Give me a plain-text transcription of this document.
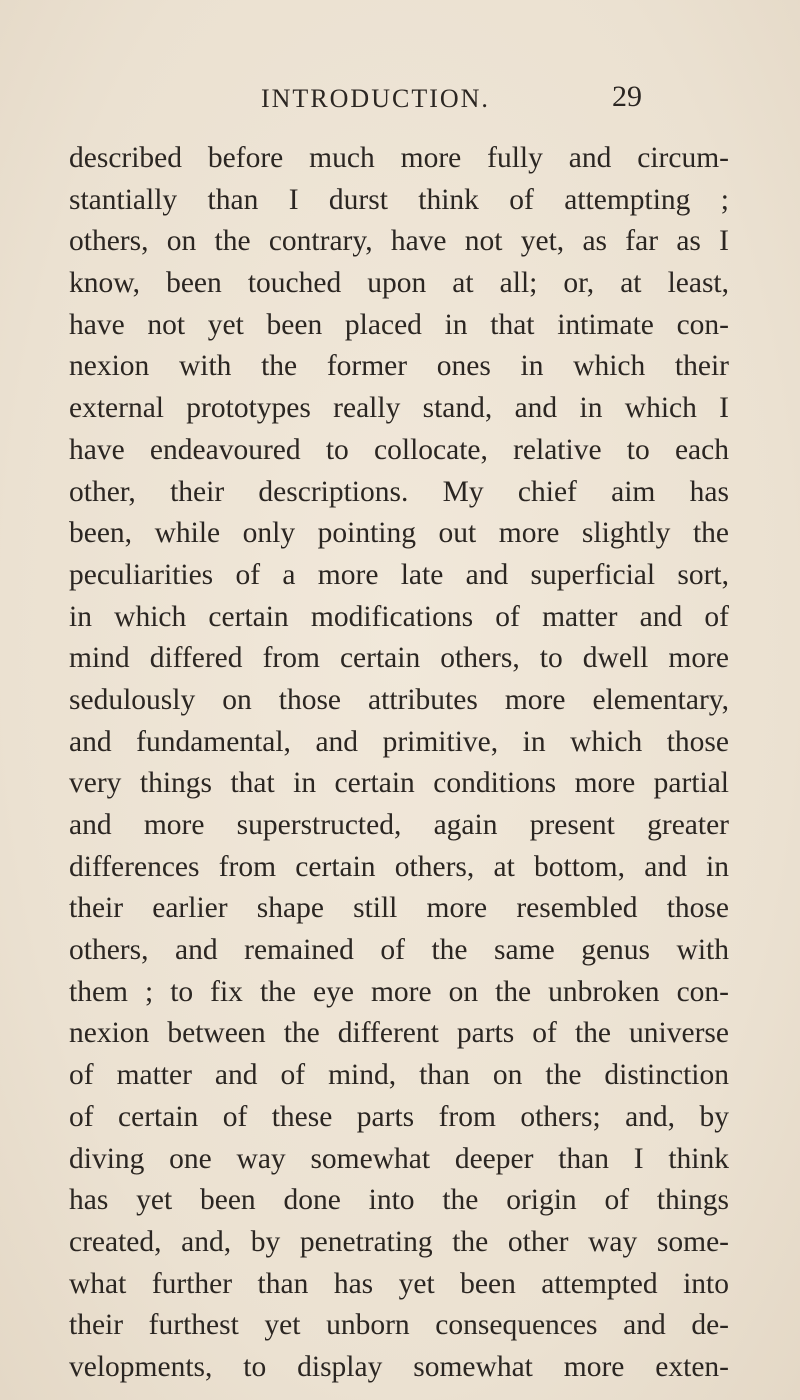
INTRODUCTION.	29
described before much more fully and circum-
stantially than I durst think of attempting ;
others, on the contrary, have not yet, as far as I
know, been touched upon at all; or, at least,
have not yet been placed in that intimate con-
nexion with the former ones in which their
external prototypes really stand, and in which I
have endeavoured to collocate, relative to each
other, their descriptions. My chief aim has
been, while only pointing out more slightly the
peculiarities of a more late and superficial sort,
in which certain modifications of matter and of
mind differed from certain others, to dwell more
sedulously on those attributes more elementary,
and fundamental, and primitive, in which those
very things that in certain conditions more partial
and more superstructed, again present greater
differences from certain others, at bottom, and in
their earlier shape still more resembled those
others, and remained of the same genus with
them ; to fix the eye more on the unbroken con-
nexion between the different parts of the universe
of matter and of mind, than on the distinction
of certain of these parts from others; and, by
diving one way somewhat deeper than I think
has yet been done into the origin of things
created, and, by penetrating the other way some-
what further than has yet been attempted into
their furthest yet unborn consequences and de-
velopments, to display somewhat more exten-
